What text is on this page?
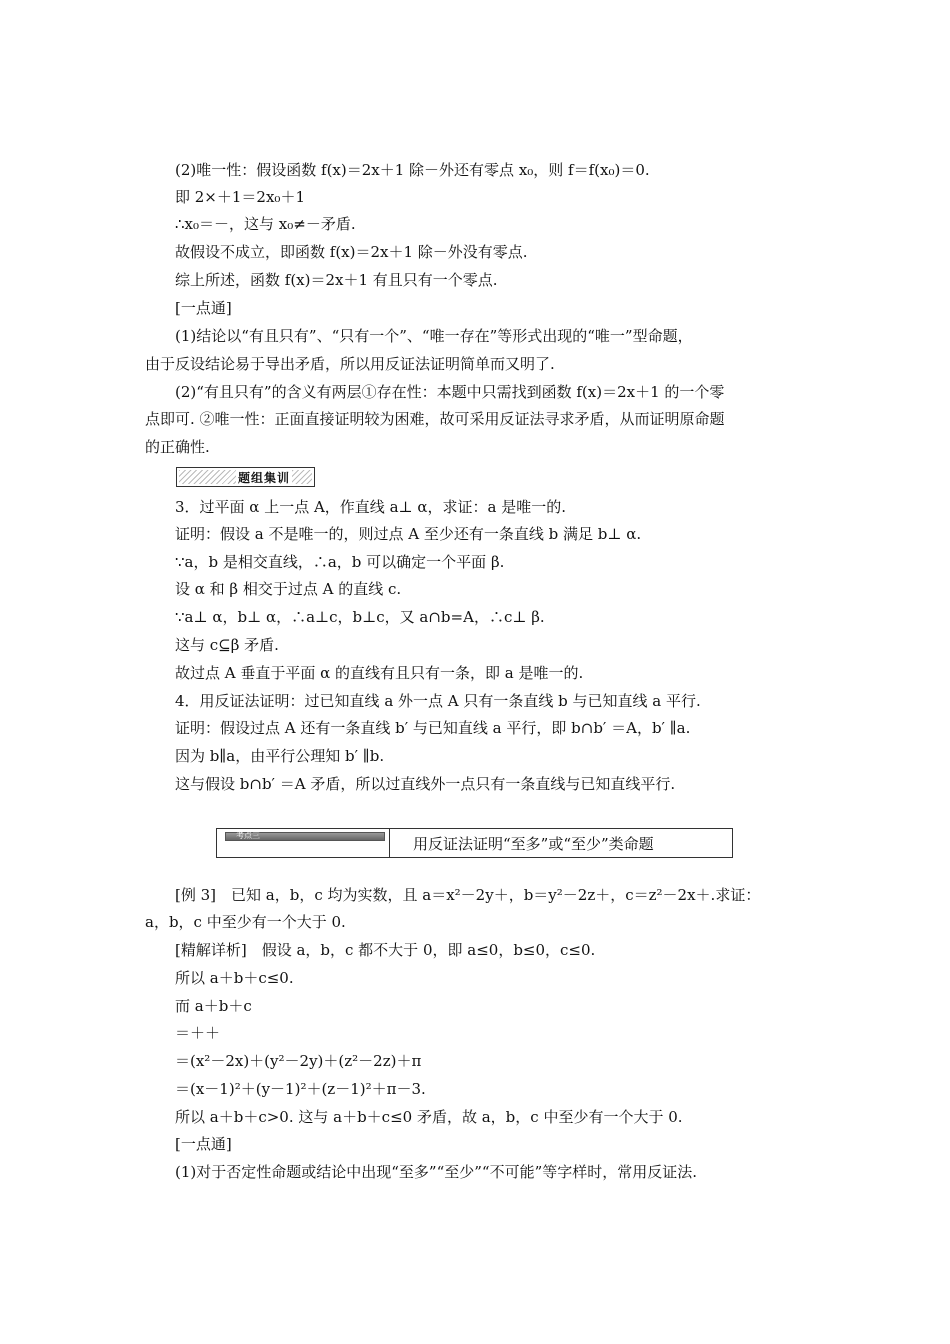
(2)唯一性：假设函数 f(x)＝2x＋1 除－外还有零点 x₀，则 f＝f(x₀)＝0.
即 2×＋1＝2x₀＋1
∴x₀＝－，这与 x₀≠－矛盾.
故假设不成立，即函数 f(x)＝2x＋1 除－外没有零点.
综上所述，函数 f(x)＝2x＋1 有且只有一个零点.
[一点通]
(1)结论以“有且只有”、“只有一个”、“唯一存在”等形式出现的“唯一”型命题，
由于反设结论易于导出矛盾，所以用反证法证明简单而又明了.
(2)“有且只有”的含义有两层①存在性：本题中只需找到函数 f(x)＝2x＋1 的一个零
点即可. ②唯一性：正面直接证明较为困难，故可采用反证法寻求矛盾，从而证明原命题
的正确性.
题组集训
3．过平面 α 上一点 A，作直线 a⊥ α，求证：a 是唯一的.
证明：假设 a 不是唯一的，则过点 A 至少还有一条直线 b 满足 b⊥ α.
∵a，b 是相交直线，∴a，b 可以确定一个平面 β.
设 α 和 β 相交于过点 A 的直线 c.
∵a⊥ α，b⊥ α，∴a⊥c，b⊥c，又 a∩b=A，∴c⊥ β.
这与 c⊆β 矛盾.
故过点 A 垂直于平面 α 的直线有且只有一条，即 a 是唯一的.
4．用反证法证明：过已知直线 a 外一点 A 只有一条直线 b 与已知直线 a 平行.
证明：假设过点 A 还有一条直线 b′ 与已知直线 a 平行，即 b∩b′ ＝A，b′ ∥a.
因为 b∥a，由平行公理知 b′ ∥b.
这与假设 b∩b′ ＝A 矛盾，所以过直线外一点只有一条直线与已知直线平行.
考点三	用反证法证明“至多”或“至少”类命题
[例 3]　已知 a，b，c 均为实数，且 a＝x²－2y＋，b＝y²－2z＋，c＝z²－2x＋.求证：
a，b，c 中至少有一个大于 0.
[精解详析]　假设 a，b，c 都不大于 0，即 a≤0，b≤0，c≤0.
所以 a＋b＋c≤0.
而 a＋b＋c
＝＋＋
＝(x²－2x)＋(y²－2y)＋(z²－2z)＋π
＝(x－1)²＋(y－1)²＋(z－1)²＋π－3.
所以 a＋b＋c>0. 这与 a＋b＋c≤0 矛盾，故 a，b，c 中至少有一个大于 0.
[一点通]
(1)对于否定性命题或结论中出现“至多”“至少”“不可能”等字样时，常用反证法.
